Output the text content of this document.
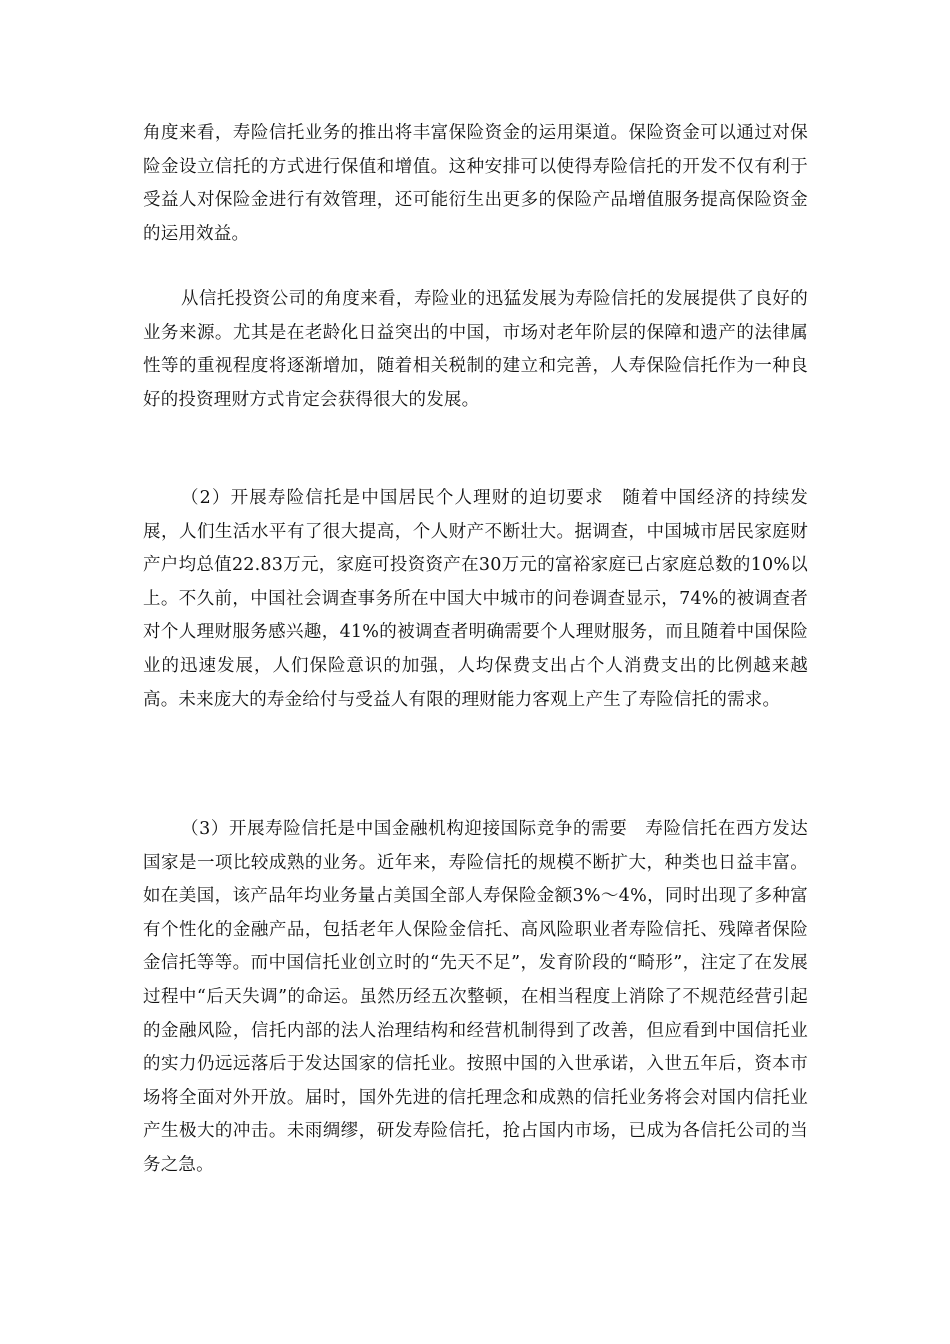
角度来看，寿险信托业务的推出将丰富保险资金的运用渠道。保险资金可以通过对保险金设立信托的方式进行保值和增值。这种安排可以使得寿险信托的开发不仅有利于受益人对保险金进行有效管理，还可能衍生出更多的保险产品增值服务提高保险资金的运用效益。

从信托投资公司的角度来看，寿险业的迅猛发展为寿险信托的发展提供了良好的业务来源。尤其是在老龄化日益突出的中国，市场对老年阶层的保障和遗产的法律属性等的重视程度将逐渐增加，随着相关税制的建立和完善，人寿保险信托作为一种良好的投资理财方式肯定会获得很大的发展。

（2）开展寿险信托是中国居民个人理财的迫切要求　随着中国经济的持续发展，人们生活水平有了很大提高，个人财产不断壮大。据调查，中国城市居民家庭财产户均总值22.83万元，家庭可投资资产在30万元的富裕家庭已占家庭总数的10%以上。不久前，中国社会调查事务所在中国大中城市的问卷调查显示，74%的被调查者对个人理财服务感兴趣，41%的被调查者明确需要个人理财服务，而且随着中国保险业的迅速发展，人们保险意识的加强，人均保费支出占个人消费支出的比例越来越高。未来庞大的寿金给付与受益人有限的理财能力客观上产生了寿险信托的需求。

（3）开展寿险信托是中国金融机构迎接国际竞争的需要　寿险信托在西方发达国家是一项比较成熟的业务。近年来，寿险信托的规模不断扩大，种类也日益丰富。如在美国，该产品年均业务量占美国全部人寿保险金额3%～4%，同时出现了多种富有个性化的金融产品，包括老年人保险金信托、高风险职业者寿险信托、残障者保险金信托等等。而中国信托业创立时的“先天不足”，发育阶段的“畸形”，注定了在发展过程中“后天失调”的命运。虽然历经五次整顿，在相当程度上消除了不规范经营引起的金融风险，信托内部的法人治理结构和经营机制得到了改善，但应看到中国信托业的实力仍远远落后于发达国家的信托业。按照中国的入世承诺，入世五年后，资本市场将全面对外开放。届时，国外先进的信托理念和成熟的信托业务将会对国内信托业产生极大的冲击。未雨绸缪，研发寿险信托，抢占国内市场，已成为各信托公司的当务之急。
